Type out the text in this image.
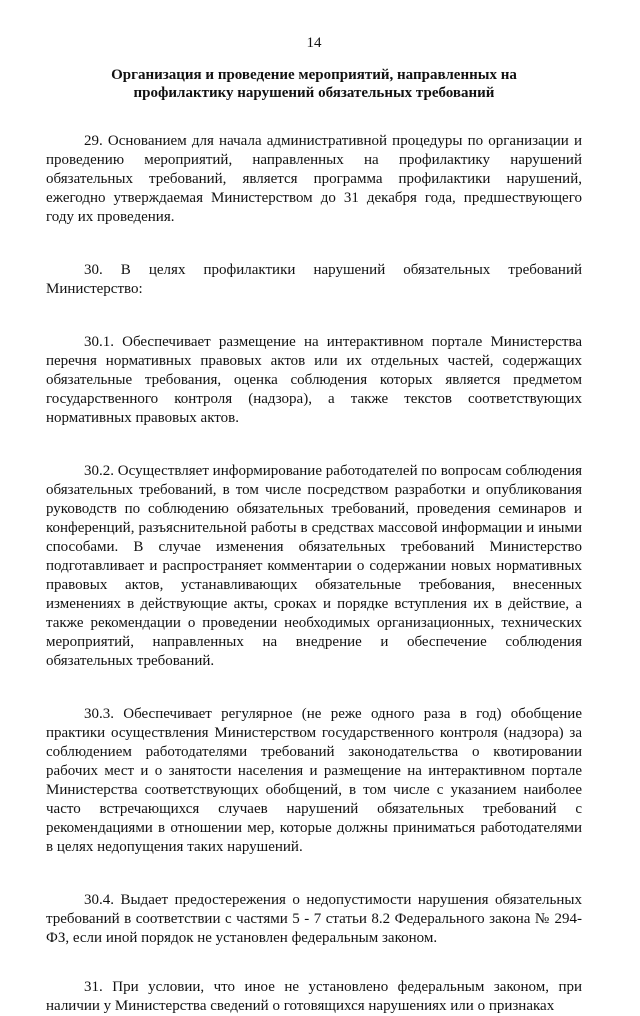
14
Организация и проведение мероприятий, направленных на профилактику нарушений обязательных требований

29. Основанием для начала административной процедуры по организации и проведению мероприятий, направленных на профилактику нарушений обязательных требований, является программа профилактики нарушений, ежегодно утверждаемая Министерством до 31 декабря года, предшествующего году их проведения.

30. В целях профилактики нарушений обязательных требований Министерство:

30.1. Обеспечивает размещение на интерактивном портале Министерства перечня нормативных правовых актов или их отдельных частей, содержащих обязательные требования, оценка соблюдения которых является предметом государственного контроля (надзора), а также текстов соответствующих нормативных правовых актов.

30.2. Осуществляет информирование работодателей по вопросам соблюдения обязательных требований, в том числе посредством разработки и опубликования руководств по соблюдению обязательных требований, проведения семинаров и конференций, разъяснительной работы в средствах массовой информации и иными способами. В случае изменения обязательных требований Министерство подготавливает и распространяет комментарии о содержании новых нормативных правовых актов, устанавливающих обязательные требования, внесенных изменениях в действующие акты, сроках и порядке вступления их в действие, а также рекомендации о проведении необходимых организационных, технических мероприятий, направленных на внедрение и обеспечение соблюдения обязательных требований.

30.3. Обеспечивает регулярное (не реже одного раза в год) обобщение практики осуществления Министерством государственного контроля (надзора) за соблюдением работодателями требований законодательства о квотировании рабочих мест и о занятости населения и размещение на интерактивном портале Министерства соответствующих обобщений, в том числе с указанием наиболее часто встречающихся случаев нарушений обязательных требований с рекомендациями в отношении мер, которые должны приниматься работодателями в целях недопущения таких нарушений.

30.4. Выдает предостережения о недопустимости нарушения обязательных требований в соответствии с частями 5 - 7 статьи 8.2 Федерального закона № 294-ФЗ, если иной порядок не установлен федеральным законом.

31. При условии, что иное не установлено федеральным законом, при наличии у Министерства сведений о готовящихся нарушениях или о признаках
